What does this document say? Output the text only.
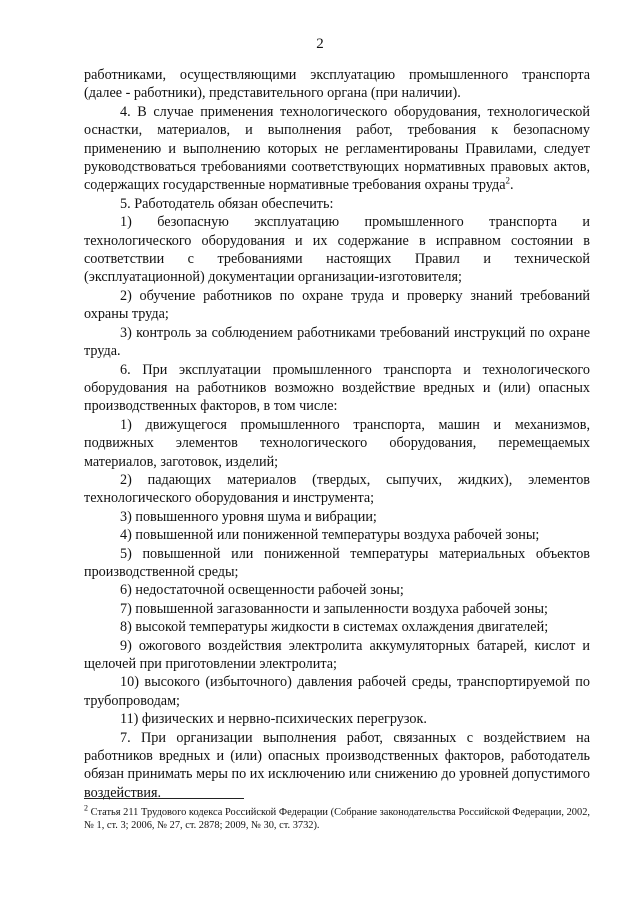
2

работниками, осуществляющими эксплуатацию промышленного транспорта (далее - работники), представительного органа (при наличии).

4. В случае применения технологического оборудования, технологической оснастки, материалов, и выполнения работ, требования к безопасному применению и выполнению которых не регламентированы Правилами, следует руководствоваться требованиями соответствующих нормативных правовых актов, содержащих государственные нормативные требования охраны труда$^2$.

5. Работодатель обязан обеспечить:

1) безопасную эксплуатацию промышленного транспорта и технологического оборудования и их содержание в исправном состоянии в соответствии с требованиями настоящих Правил и технической (эксплуатационной) документации организации-изготовителя;

2) обучение работников по охране труда и проверку знаний требований охраны труда;

3) контроль за соблюдением работниками требований инструкций по охране труда.

6. При эксплуатации промышленного транспорта и технологического оборудования на работников возможно воздействие вредных и (или) опасных производственных факторов, в том числе:

1) движущегося промышленного транспорта, машин и механизмов, подвижных элементов технологического оборудования, перемещаемых материалов, заготовок, изделий;

2) падающих материалов (твердых, сыпучих, жидких), элементов технологического оборудования и инструмента;

3) повышенного уровня шума и вибрации;

4) повышенной или пониженной температуры воздуха рабочей зоны;

5) повышенной или пониженной температуры материальных объектов производственной среды;

6) недостаточной освещенности рабочей зоны;

7) повышенной загазованности и запыленности воздуха рабочей зоны;

8) высокой температуры жидкости в системах охлаждения двигателей;

9) ожогового воздействия электролита аккумуляторных батарей, кислот и щелочей при приготовлении электролита;

10) высокого (избыточного) давления рабочей среды, транспортируемой по трубопроводам;

11) физических и нервно-психических перегрузок.

7. При организации выполнения работ, связанных с воздействием на работников вредных и (или) опасных производственных факторов, работодатель обязан принимать меры по их исключению или снижению до уровней допустимого воздействия.

$^2$ Статья 211 Трудового кодекса Российской Федерации (Собрание законодательства Российской Федерации, 2002, № 1, ст. 3; 2006, № 27, ст. 2878; 2009, № 30, ст. 3732).
